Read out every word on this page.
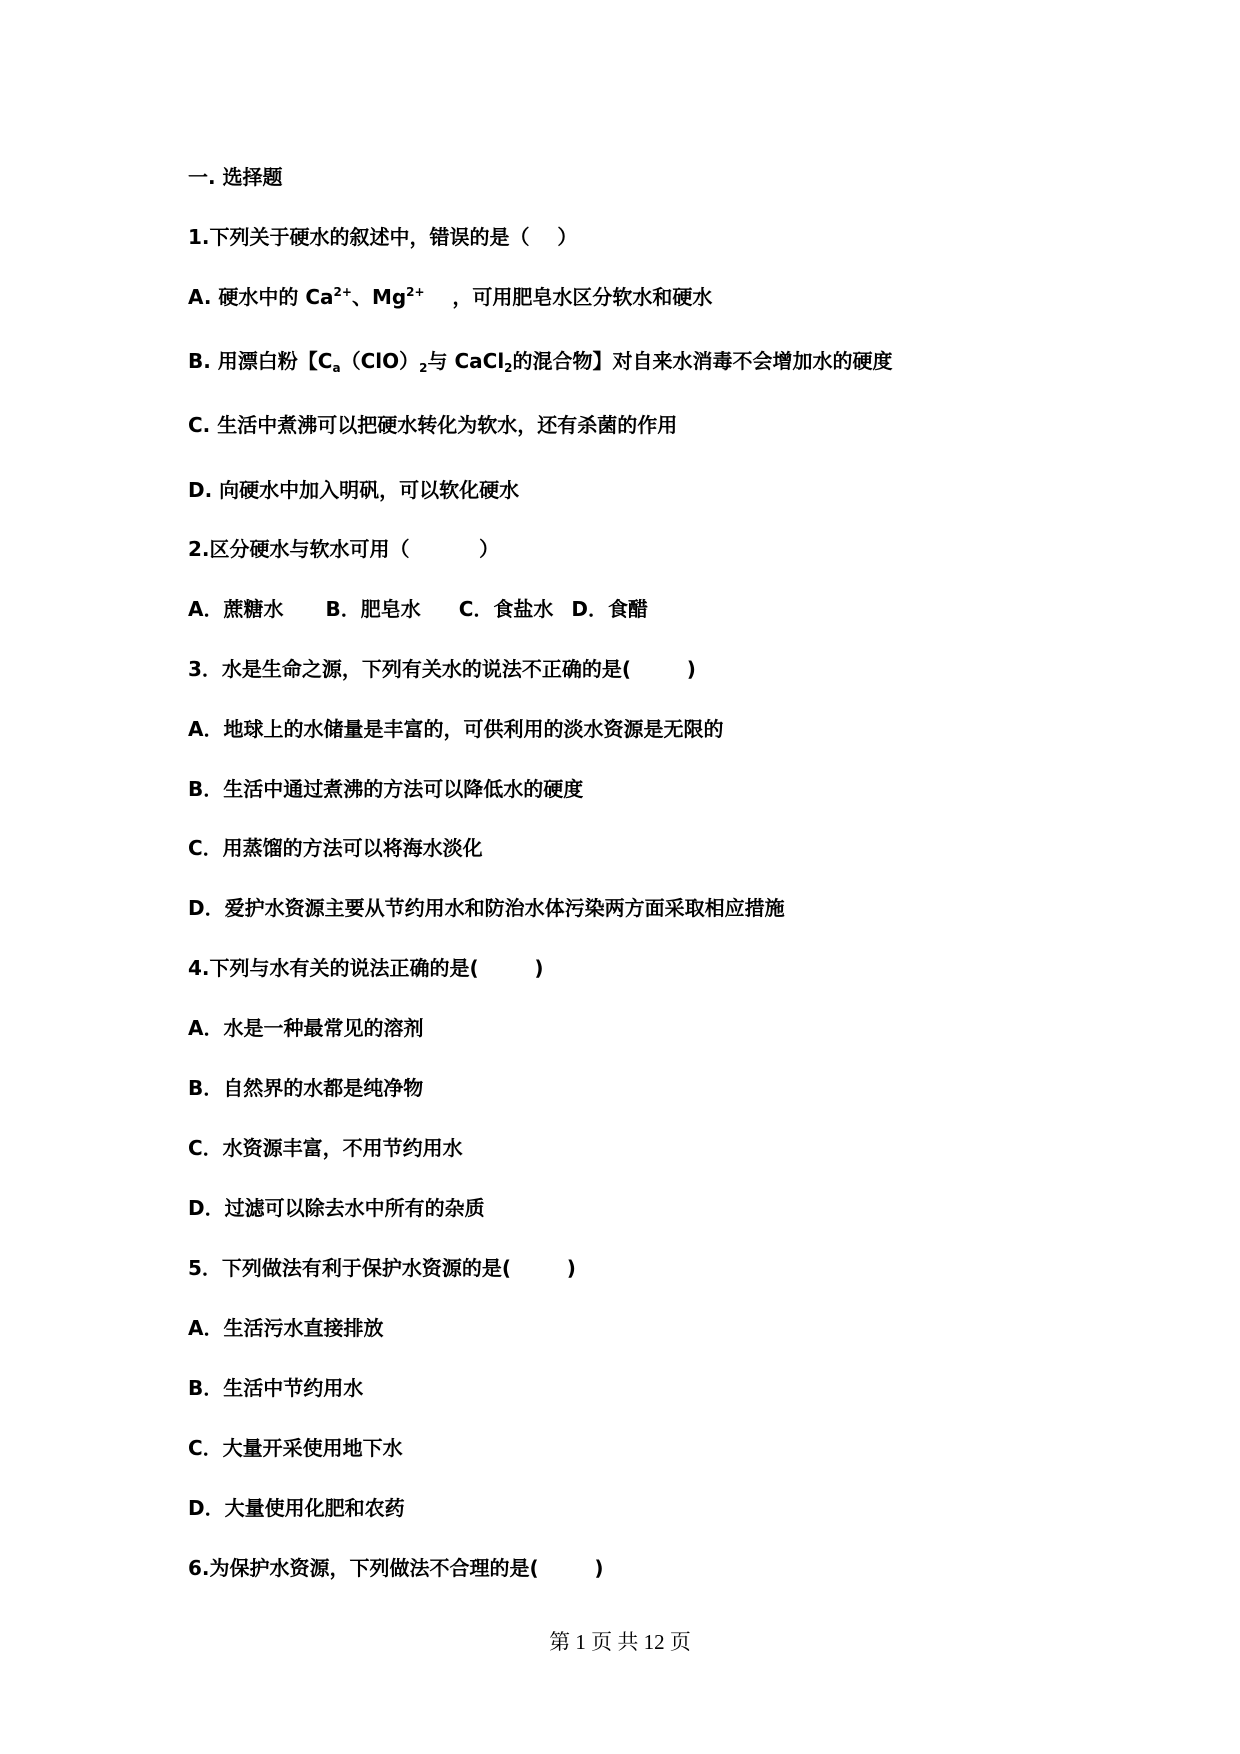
一. 选择题
1.下列关于硬水的叙述中，错误的是（    ）
A. 硬水中的 $Ca^{2+}$、$Mg^{2+}$    ，可用肥皂水区分软水和硬水
B. 用漂白粉【$C_a(ClO)_2$与 CaCl$_2$的混合物】对自来水消毒不会增加水的硬度
C. 生活中煮沸可以把硬水转化为软水，还有杀菌的作用
D. 向硬水中加入明矾，可以软化硬水
2.区分硬水与软水可用（          ）
A．蔗糖水 B．肥皂水 C．食盐水 D．食醋
3．水是生命之源，下列有关水的说法不正确的是(        )
A．地球上的水储量是丰富的，可供利用的淡水资源是无限的
B．生活中通过煮沸的方法可以降低水的硬度
C．用蒸馏的方法可以将海水淡化
D．爱护水资源主要从节约用水和防治水体污染两方面采取相应措施
4.下列与水有关的说法正确的是(        )
A．水是一种最常见的溶剂
B．自然界的水都是纯净物
C．水资源丰富，不用节约用水
D．过滤可以除去水中所有的杂质
5．下列做法有利于保护水资源的是(        )
A．生活污水直接排放
B．生活中节约用水
C．大量开采使用地下水
D．大量使用化肥和农药
6.为保护水资源，下列做法不合理的是(        )
第 1 页 共 12 页
